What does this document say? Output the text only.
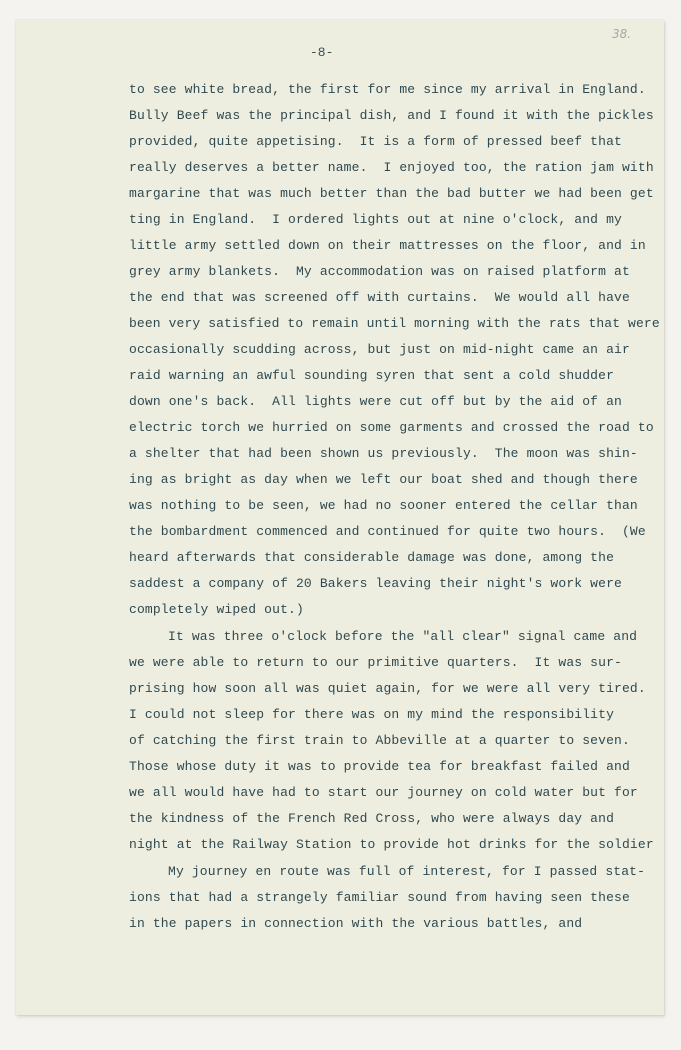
38.
-8-
to see white bread, the first for me since my arrival in England.
Bully Beef was the principal dish, and I found it with the pickles
provided, quite appetising.  It is a form of pressed beef that
really deserves a better name.  I enjoyed too, the ration jam with
margarine that was much better than the bad butter we had been get
ting in England.  I ordered lights out at nine o'clock, and my
little army settled down on their mattresses on the floor, and in
grey army blankets.  My accommodation was on raised platform at
the end that was screened off with curtains.  We would all have
been very satisfied to remain until morning with the rats that were
occasionally scudding across, but just on mid-night came an air
raid warning an awful sounding syren that sent a cold shudder
down one's back.  All lights were cut off but by the aid of an
electric torch we hurried on some garments and crossed the road to
a shelter that had been shown us previously.  The moon was shin-
ing as bright as day when we left our boat shed and though there
was nothing to be seen, we had no sooner entered the cellar than
the bombardment commenced and continued for quite two hours.  (We
heard afterwards that considerable damage was done, among the
saddest a company of 20 Bakers leaving their night's work were
completely wiped out.)
It was three o'clock before the "all clear" signal came and
we were able to return to our primitive quarters.  It was sur-
prising how soon all was quiet again, for we were all very tired.
I could not sleep for there was on my mind the responsibility
of catching the first train to Abbeville at a quarter to seven.
Those whose duty it was to provide tea for breakfast failed and
we all would have had to start our journey on cold water but for
the kindness of the French Red Cross, who were always day and
night at the Railway Station to provide hot drinks for the soldier
My journey en route was full of interest, for I passed stat-
ions that had a strangely familiar sound from having seen these
in the papers in connection with the various battles, and
